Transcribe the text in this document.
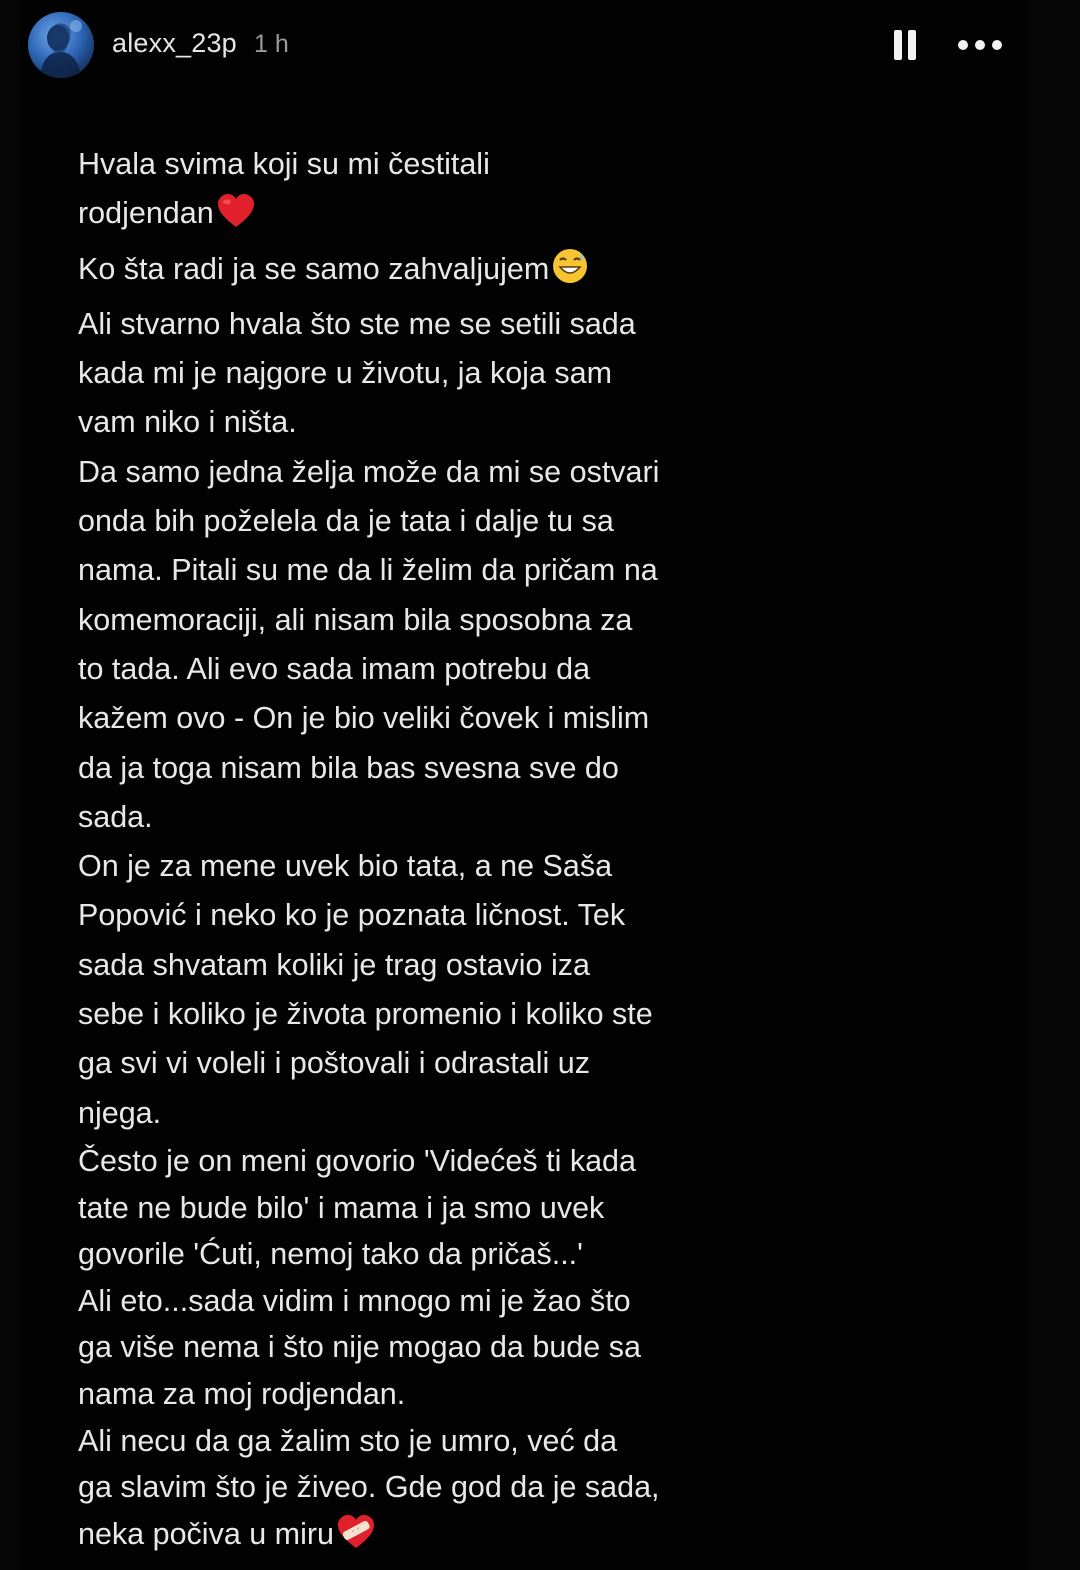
alexx_23p 1 h
Hvala svima koji su mi čestitali
rodjendan
Ko šta radi ja se samo zahvaljujem
Ali stvarno hvala što ste me se setili sada
kada mi je najgore u životu, ja koja sam
vam niko i ništa.
Da samo jedna želja može da mi se ostvari
onda bih poželela da je tata i dalje tu sa
nama. Pitali su me da li želim da pričam na
komemoraciji, ali nisam bila sposobna za
to tada. Ali evo sada imam potrebu da
kažem ovo - On je bio veliki čovek i mislim
da ja toga nisam bila bas svesna sve do
sada.
On je za mene uvek bio tata, a ne Saša
Popović i neko ko je poznata ličnost. Tek
sada shvatam koliki je trag ostavio iza
sebe i koliko je života promenio i koliko ste
ga svi vi voleli i poštovali i odrastali uz
njega.
Često je on meni govorio 'Videćeš ti kada
tate ne bude bilo' i mama i ja smo uvek
govorile 'Ćuti, nemoj tako da pričaš...'
Ali eto...sada vidim i mnogo mi je žao što
ga više nema i što nije mogao da bude sa
nama za moj rodjendan.
Ali necu da ga žalim sto je umro, već da
ga slavim što je živeo. Gde god da je sada,
neka počiva u miru
